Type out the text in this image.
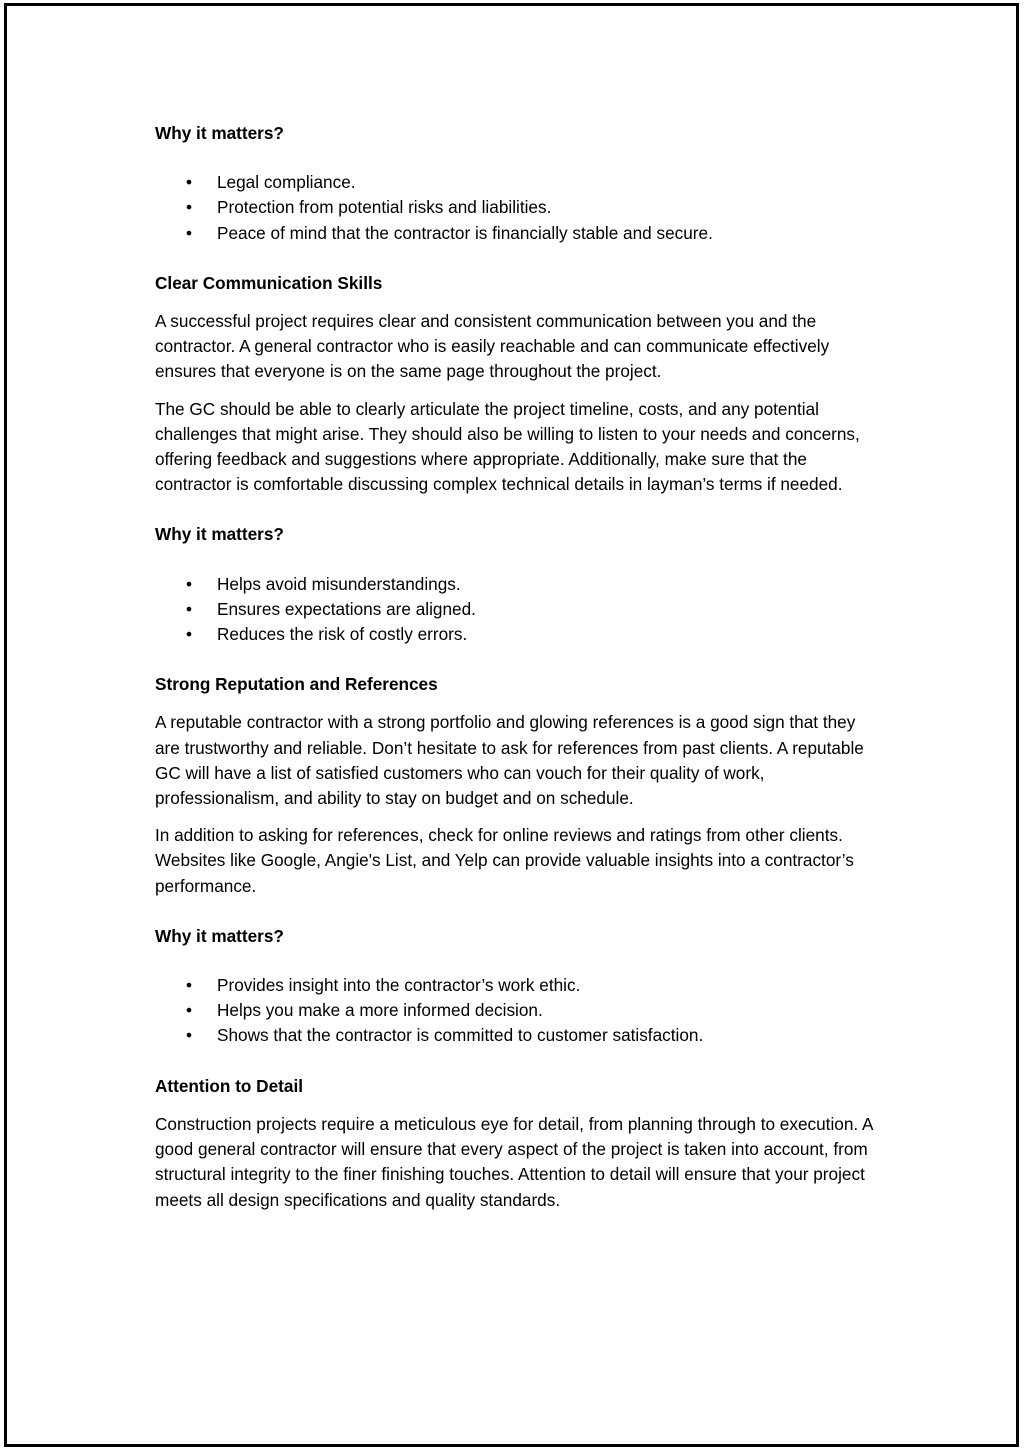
Why it matters?
• Legal compliance.
• Protection from potential risks and liabilities.
• Peace of mind that the contractor is financially stable and secure.
Clear Communication Skills

A successful project requires clear and consistent communication between you and the contractor. A general contractor who is easily reachable and can communicate effectively ensures that everyone is on the same page throughout the project.

The GC should be able to clearly articulate the project timeline, costs, and any potential challenges that might arise. They should also be willing to listen to your needs and concerns, offering feedback and suggestions where appropriate. Additionally, make sure that the contractor is comfortable discussing complex technical details in layman’s terms if needed.

Why it matters?
• Helps avoid misunderstandings.
• Ensures expectations are aligned.
• Reduces the risk of costly errors.
Strong Reputation and References

A reputable contractor with a strong portfolio and glowing references is a good sign that they are trustworthy and reliable. Don’t hesitate to ask for references from past clients. A reputable GC will have a list of satisfied customers who can vouch for their quality of work, professionalism, and ability to stay on budget and on schedule.

In addition to asking for references, check for online reviews and ratings from other clients. Websites like Google, Angie's List, and Yelp can provide valuable insights into a contractor’s performance.

Why it matters?
• Provides insight into the contractor’s work ethic.
• Helps you make a more informed decision.
• Shows that the contractor is committed to customer satisfaction.
Attention to Detail

Construction projects require a meticulous eye for detail, from planning through to execution. A good general contractor will ensure that every aspect of the project is taken into account, from structural integrity to the finer finishing touches. Attention to detail will ensure that your project meets all design specifications and quality standards.
